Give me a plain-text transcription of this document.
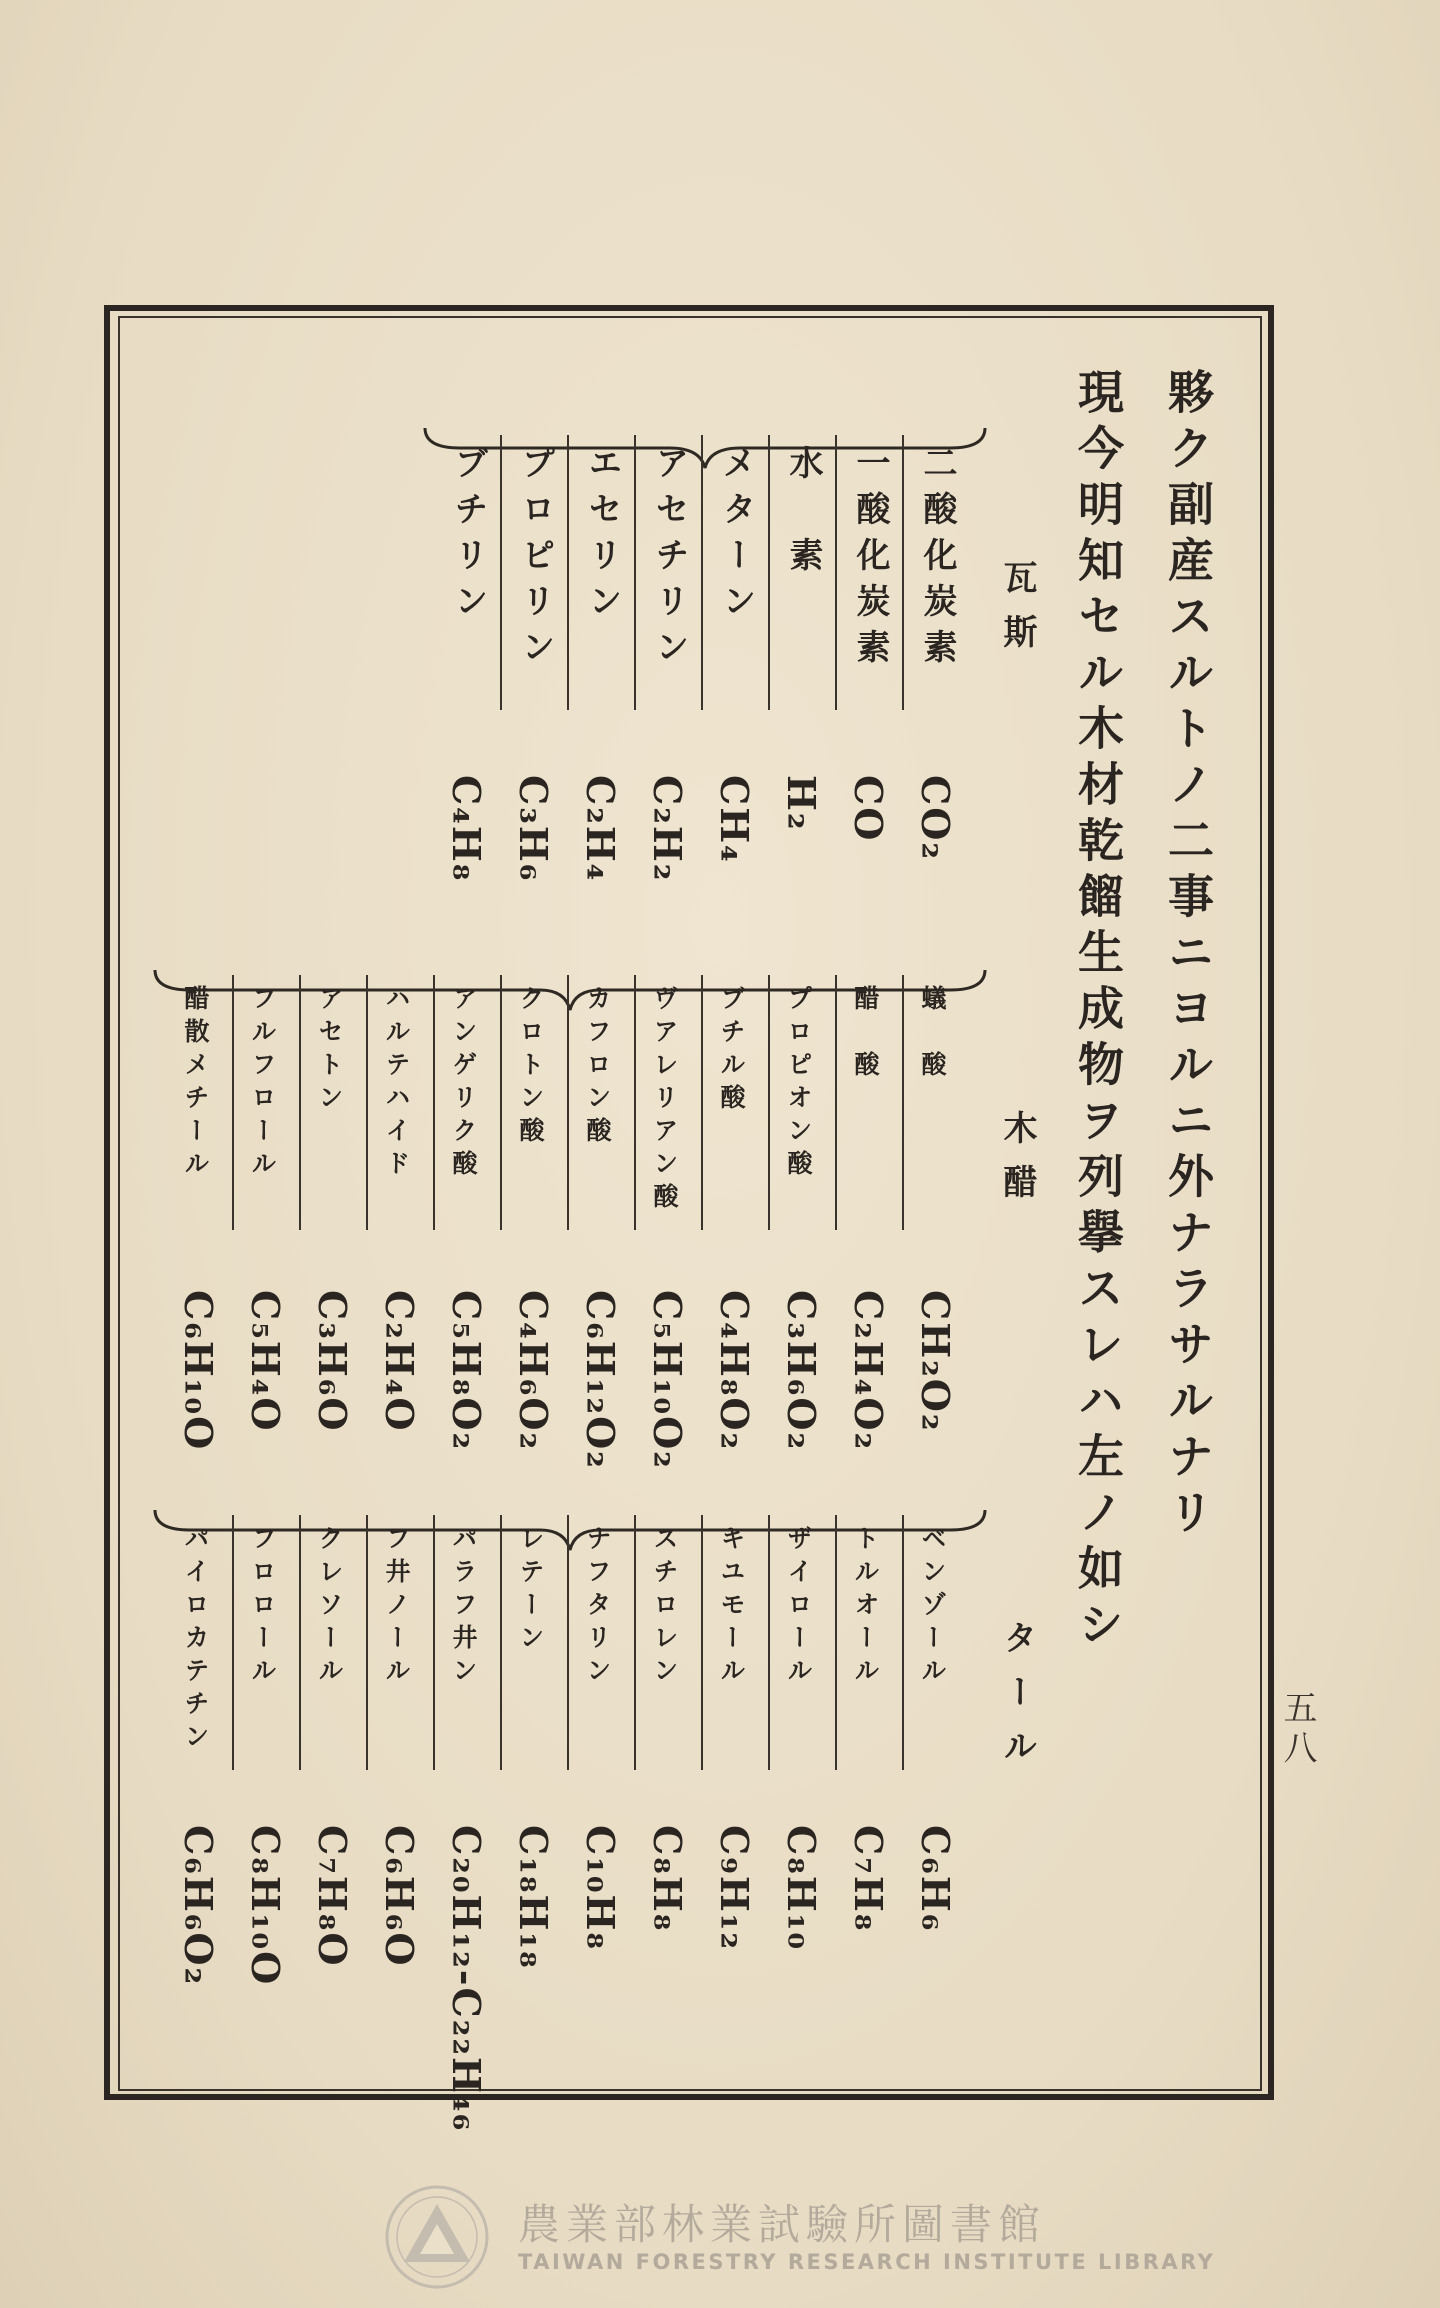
夥ク副産スルトノ二事ニヨルニ外ナラサルナリ
現今明知セル木材乾餾生成物ヲ列擧スレハ左ノ如シ
瓦斯
二酸化炭素
CO₂
一酸化炭素
CO
水　素
H₂
メターン
CH₄
アセチリン
C₂H₂
エセリン
C₂H₄
プロピリン
C₃H₆
ブチリン
C₄H₈
木醋
蟻　酸
CH₂O₂
醋　酸
C₂H₄O₂
プロピオン酸
C₃H₆O₂
ブチル酸
C₄H₈O₂
ヴアレリアン酸
C₅H₁₀O₂
カフロン酸
C₆H₁₂O₂
クロトン酸
C₄H₆O₂
アンゲリク酸
C₅H₈O₂
ハルテハイド
C₂H₄O
アセトン
C₃H₆O
フルフロール
C₅H₄O
醋散メチール
C₆H₁₀O
タール
ベンゾール
C₆H₆
トルオール
C₇H₈
ザイロール
C₈H₁₀
キユモール
C₉H₁₂
スチロレン
C₈H₈
ナフタリン
C₁₀H₈
レテーン
C₁₈H₁₈
パラフ井ン
C₂₀H₁₂-C₂₂H₄₆
フ井ノール
C₆H₆O
クレソール
C₇H₈O
フロロール
C₈H₁₀O
パイロカテチン
C₆H₆O₂
五八
農業部林業試驗所圖書館
TAIWAN FORESTRY RESEARCH INSTITUTE LIBRARY
